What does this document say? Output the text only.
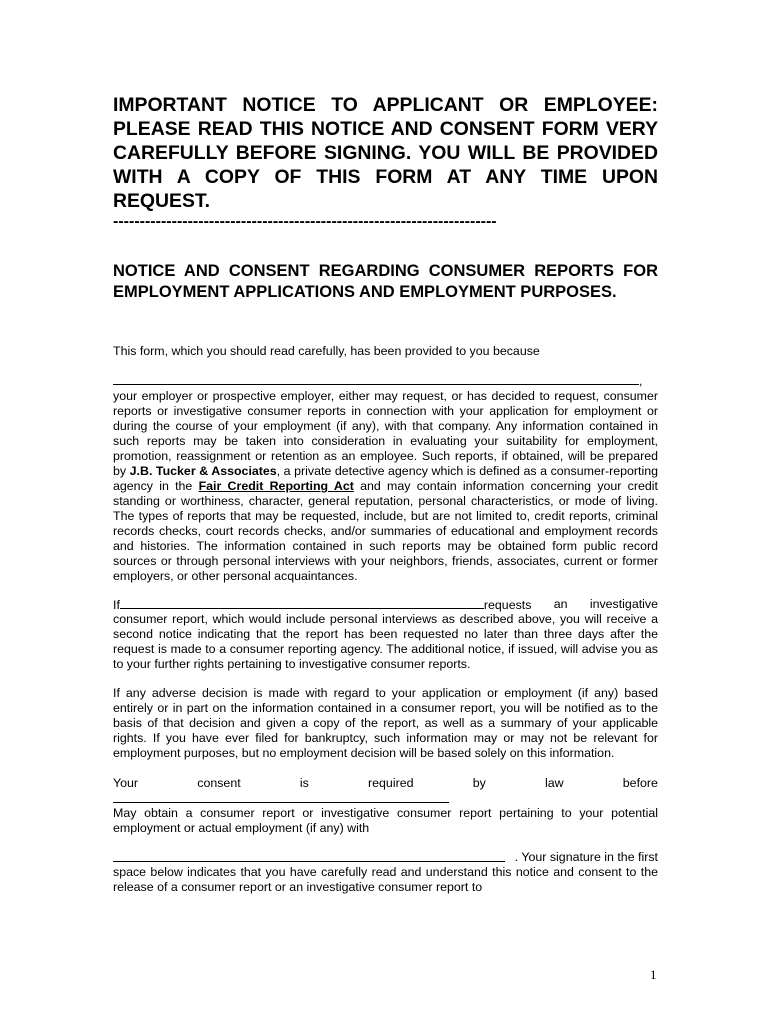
IMPORTANT NOTICE TO APPLICANT OR EMPLOYEE: PLEASE READ THIS NOTICE AND CONSENT FORM VERY CAREFULLY BEFORE SIGNING. YOU WILL BE PROVIDED WITH A COPY OF THIS FORM AT ANY TIME UPON REQUEST.

------------------------------------------------------------------------

NOTICE AND CONSENT REGARDING CONSUMER REPORTS FOR EMPLOYMENT APPLICATIONS AND EMPLOYMENT PURPOSES.

This form, which you should read carefully, has been provided to you because
,

your employer or prospective employer, either may request, or has decided to request, consumer reports or investigative consumer reports in connection with your application for employment or during the course of your employment (if any), with that company. Any information contained in such reports may be taken into consideration in evaluating your suitability for employment, promotion, reassignment or retention as an employee. Such reports, if obtained, will be prepared by J.B. Tucker & Associates, a private detective agency which is defined as a consumer-reporting agency in the Fair Credit Reporting Act and may contain information concerning your credit standing or worthiness, character, general reputation, personal characteristics, or mode of living. The types of reports that may be requested, include, but are not limited to, credit reports, criminal records checks, court records checks, and/or summaries of educational and employment records and histories. The information contained in such reports may be obtained form public record sources or through personal interviews with your neighbors, friends, associates, current or former employers, or other personal acquaintances.

If	requests an investigative

consumer report, which would include personal interviews as described above, you will receive a second notice indicating that the report has been requested no later than three days after the request is made to a consumer reporting agency. The additional notice, if issued, will advise you as to your further rights pertaining to investigative consumer reports.

If any adverse decision is made with regard to your application or employment (if any) based entirely or in part on the information contained in a consumer report, you will be notified as to the basis of that decision and given a copy of the report, as well as a summary of your applicable rights. If you have ever filed for bankruptcy, such information may or may not be relevant for employment purposes, but no employment decision will be based solely on this information.

Your	consent	is	required	by	law	before

May obtain a consumer report or investigative consumer report pertaining to your potential employment or actual employment (if any) with

. Your signature in the first

space below indicates that you have carefully read and understand this notice and consent to the release of a consumer report or an investigative consumer report to

1
